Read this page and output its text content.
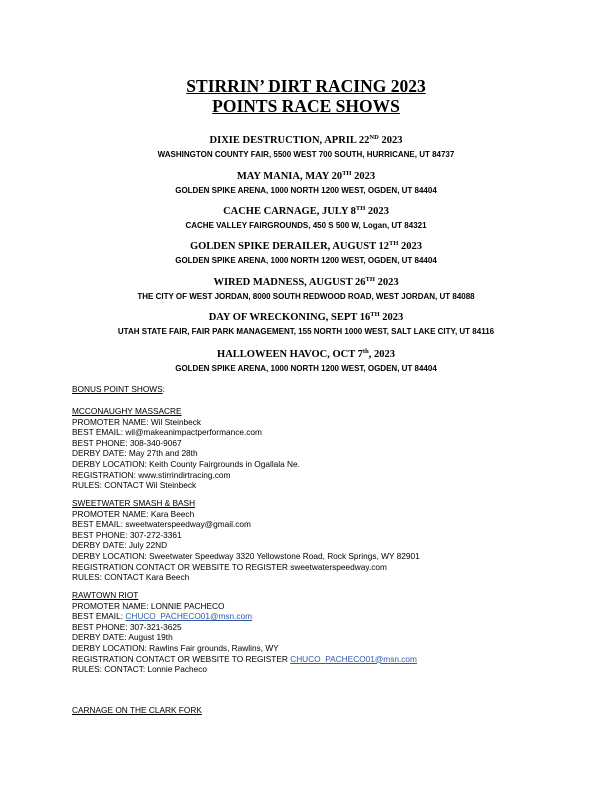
STIRRIN’ DIRT RACING 2023
POINTS RACE SHOWS
DIXIE DESTRUCTION, APRIL 22ND 2023
WASHINGTON COUNTY FAIR, 5500 WEST 700 SOUTH, HURRICANE, UT 84737
MAY MANIA, MAY 20TH 2023
GOLDEN SPIKE ARENA, 1000 NORTH 1200 WEST, OGDEN, UT 84404
CACHE CARNAGE, JULY 8TH 2023
CACHE VALLEY FAIRGROUNDS, 450 S 500 W, Logan, UT 84321
GOLDEN SPIKE DERAILER, AUGUST 12TH 2023
GOLDEN SPIKE ARENA, 1000 NORTH 1200 WEST, OGDEN, UT 84404
WIRED MADNESS, AUGUST 26TH 2023
THE CITY OF WEST JORDAN, 8000 SOUTH REDWOOD ROAD, WEST JORDAN, UT 84088
DAY OF WRECKONING, SEPT 16TH 2023
UTAH STATE FAIR, FAIR PARK MANAGEMENT, 155 NORTH 1000 WEST, SALT LAKE CITY, UT 84116
HALLOWEEN HAVOC, OCT 7th, 2023
GOLDEN SPIKE ARENA, 1000 NORTH 1200 WEST, OGDEN, UT 84404
BONUS POINT SHOWS:
MCCONAUGHY MASSACRE
PROMOTER NAME: Wil Steinbeck
BEST EMAIL: wil@makeanimpactperformance.com
BEST PHONE: 308-340-9067
DERBY DATE: May 27th and 28th
DERBY LOCATION: Keith County Fairgrounds in Ogallala Ne.
REGISTRATION: www.stirrindirtracing.com
RULES: CONTACT Wil Steinbeck
SWEETWATER SMASH & BASH
PROMOTER NAME: Kara Beech
BEST EMAIL: sweetwaterspeedway@gmail.com
BEST PHONE: 307-272-3361
DERBY DATE: July 22ND
DERBY LOCATION: Sweetwater Speedway 3320 Yellowstone Road, Rock Springs, WY 82901
REGISTRATION CONTACT OR WEBSITE TO REGISTER sweetwaterspeedway.com
RULES: CONTACT Kara Beech
RAWTOWN RIOT
PROMOTER NAME: LONNIE PACHECO
BEST EMAIL: CHUCO_PACHECO01@msn.com
BEST PHONE: 307-321-3625
DERBY DATE: August 19th
DERBY LOCATION: Rawlins Fair grounds, Rawlins, WY
REGISTRATION CONTACT OR WEBSITE TO REGISTER CHUCO_PACHECO01@msn.com
RULES: CONTACT: Lonnie Pacheco
CARNAGE ON THE CLARK FORK
